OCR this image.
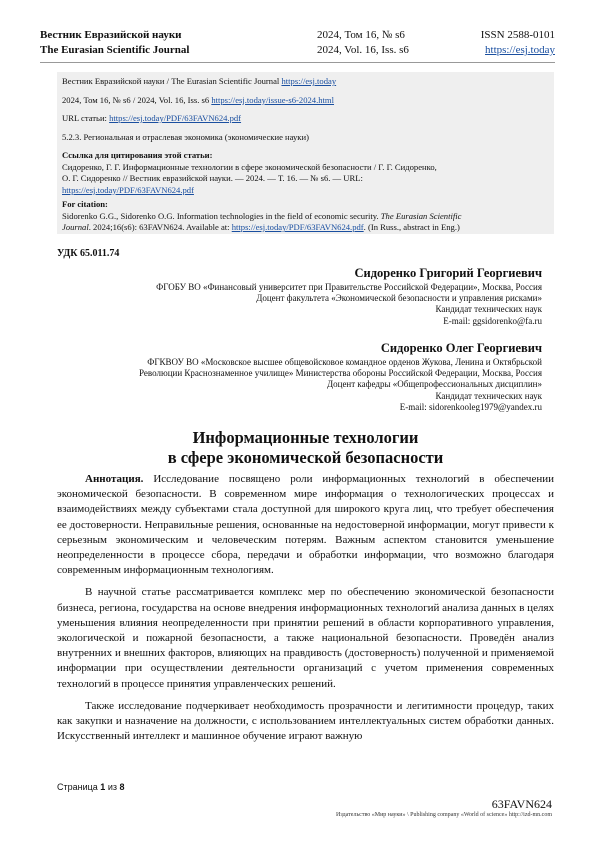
Вестник Евразийской науки	2024, Том 16, № s6	ISSN 2588-0101
The Eurasian Scientific Journal	2024, Vol. 16, Iss. s6	https://esj.today

Вестник Евразийской науки / The Eurasian Scientific Journal https://esj.today

2024, Том 16, № s6 / 2024, Vol. 16, Iss. s6 https://esj.today/issue-s6-2024.html

URL статьи: https://esj.today/PDF/63FAVN624.pdf

5.2.3. Региональная и отраслевая экономика (экономические науки)

Ссылка для цитирования этой статьи:
Сидоренко, Г. Г. Информационные технологии в сфере экономической безопасности / Г. Г. Сидоренко,
О. Г. Сидоренко // Вестник евразийской науки. — 2024. — Т. 16. — № s6. — URL:
https://esj.today/PDF/63FAVN624.pdf

For citation:
Sidorenko G.G., Sidorenko O.G. Information technologies in the field of economic security. The Eurasian Scientific
Journal. 2024;16(s6): 63FAVN624. Available at: https://esj.today/PDF/63FAVN624.pdf. (In Russ., abstract in Eng.)

УДК 65.011.74
Сидоренко Григорий Георгиевич
ФГОБУ ВО «Финансовый университет при Правительстве Российской Федерации», Москва, Россия
Доцент факультета «Экономической безопасности и управления рисками»
Кандидат технических наук
E-mail: ggsidorenko@fa.ru
Сидоренко Олег Георгиевич
ФГКВОУ ВО «Московское высшее общевойсковое командное орденов Жукова, Ленина и Октябрьской
Революции Краснознаменное училище» Министерства обороны Российской Федерации, Москва, Россия
Доцент кафедры «Общепрофессиональных дисциплин»
Кандидат технических наук
E-mail: sidorenkooleg1979@yandex.ru
Информационные технологии
в сфере экономической безопасности

Аннотация. Исследование посвящено роли информационных технологий в обеспечении экономической безопасности. В современном мире информация о технологических процессах и взаимодействиях между субъектами стала доступной для широкого круга лиц, что требует обеспечения ее достоверности. Неправильные решения, основанные на недостоверной информации, могут привести к серьезным экономическим и человеческим потерям. Важным аспектом становится уменьшение неопределенности в процессе сбора, передачи и обработки информации, что возможно благодаря современным информационным технологиям.

В научной статье рассматривается комплекс мер по обеспечению экономической безопасности бизнеса, региона, государства на основе внедрения информационных технологий анализа данных в целях уменьшения влияния неопределенности при принятии решений в области корпоративного управления, экологической и пожарной безопасности, а также национальной безопасности. Проведён анализ внутренних и внешних факторов, влияющих на правдивость (достоверность) полученной и применяемой информации при осуществлении деятельности организаций с учетом применения современных технологий в процессе принятия управленческих решений.

Также исследование подчеркивает необходимость прозрачности и легитимности процедур, таких как закупки и назначение на должности, с использованием интеллектуальных систем обработки данных. Искусственный интеллект и машинное обучение играют важную

Страница 1 из 8
63FAVN624
Издательство «Мир науки» \ Publishing company «World of science» http://izd-mn.com
